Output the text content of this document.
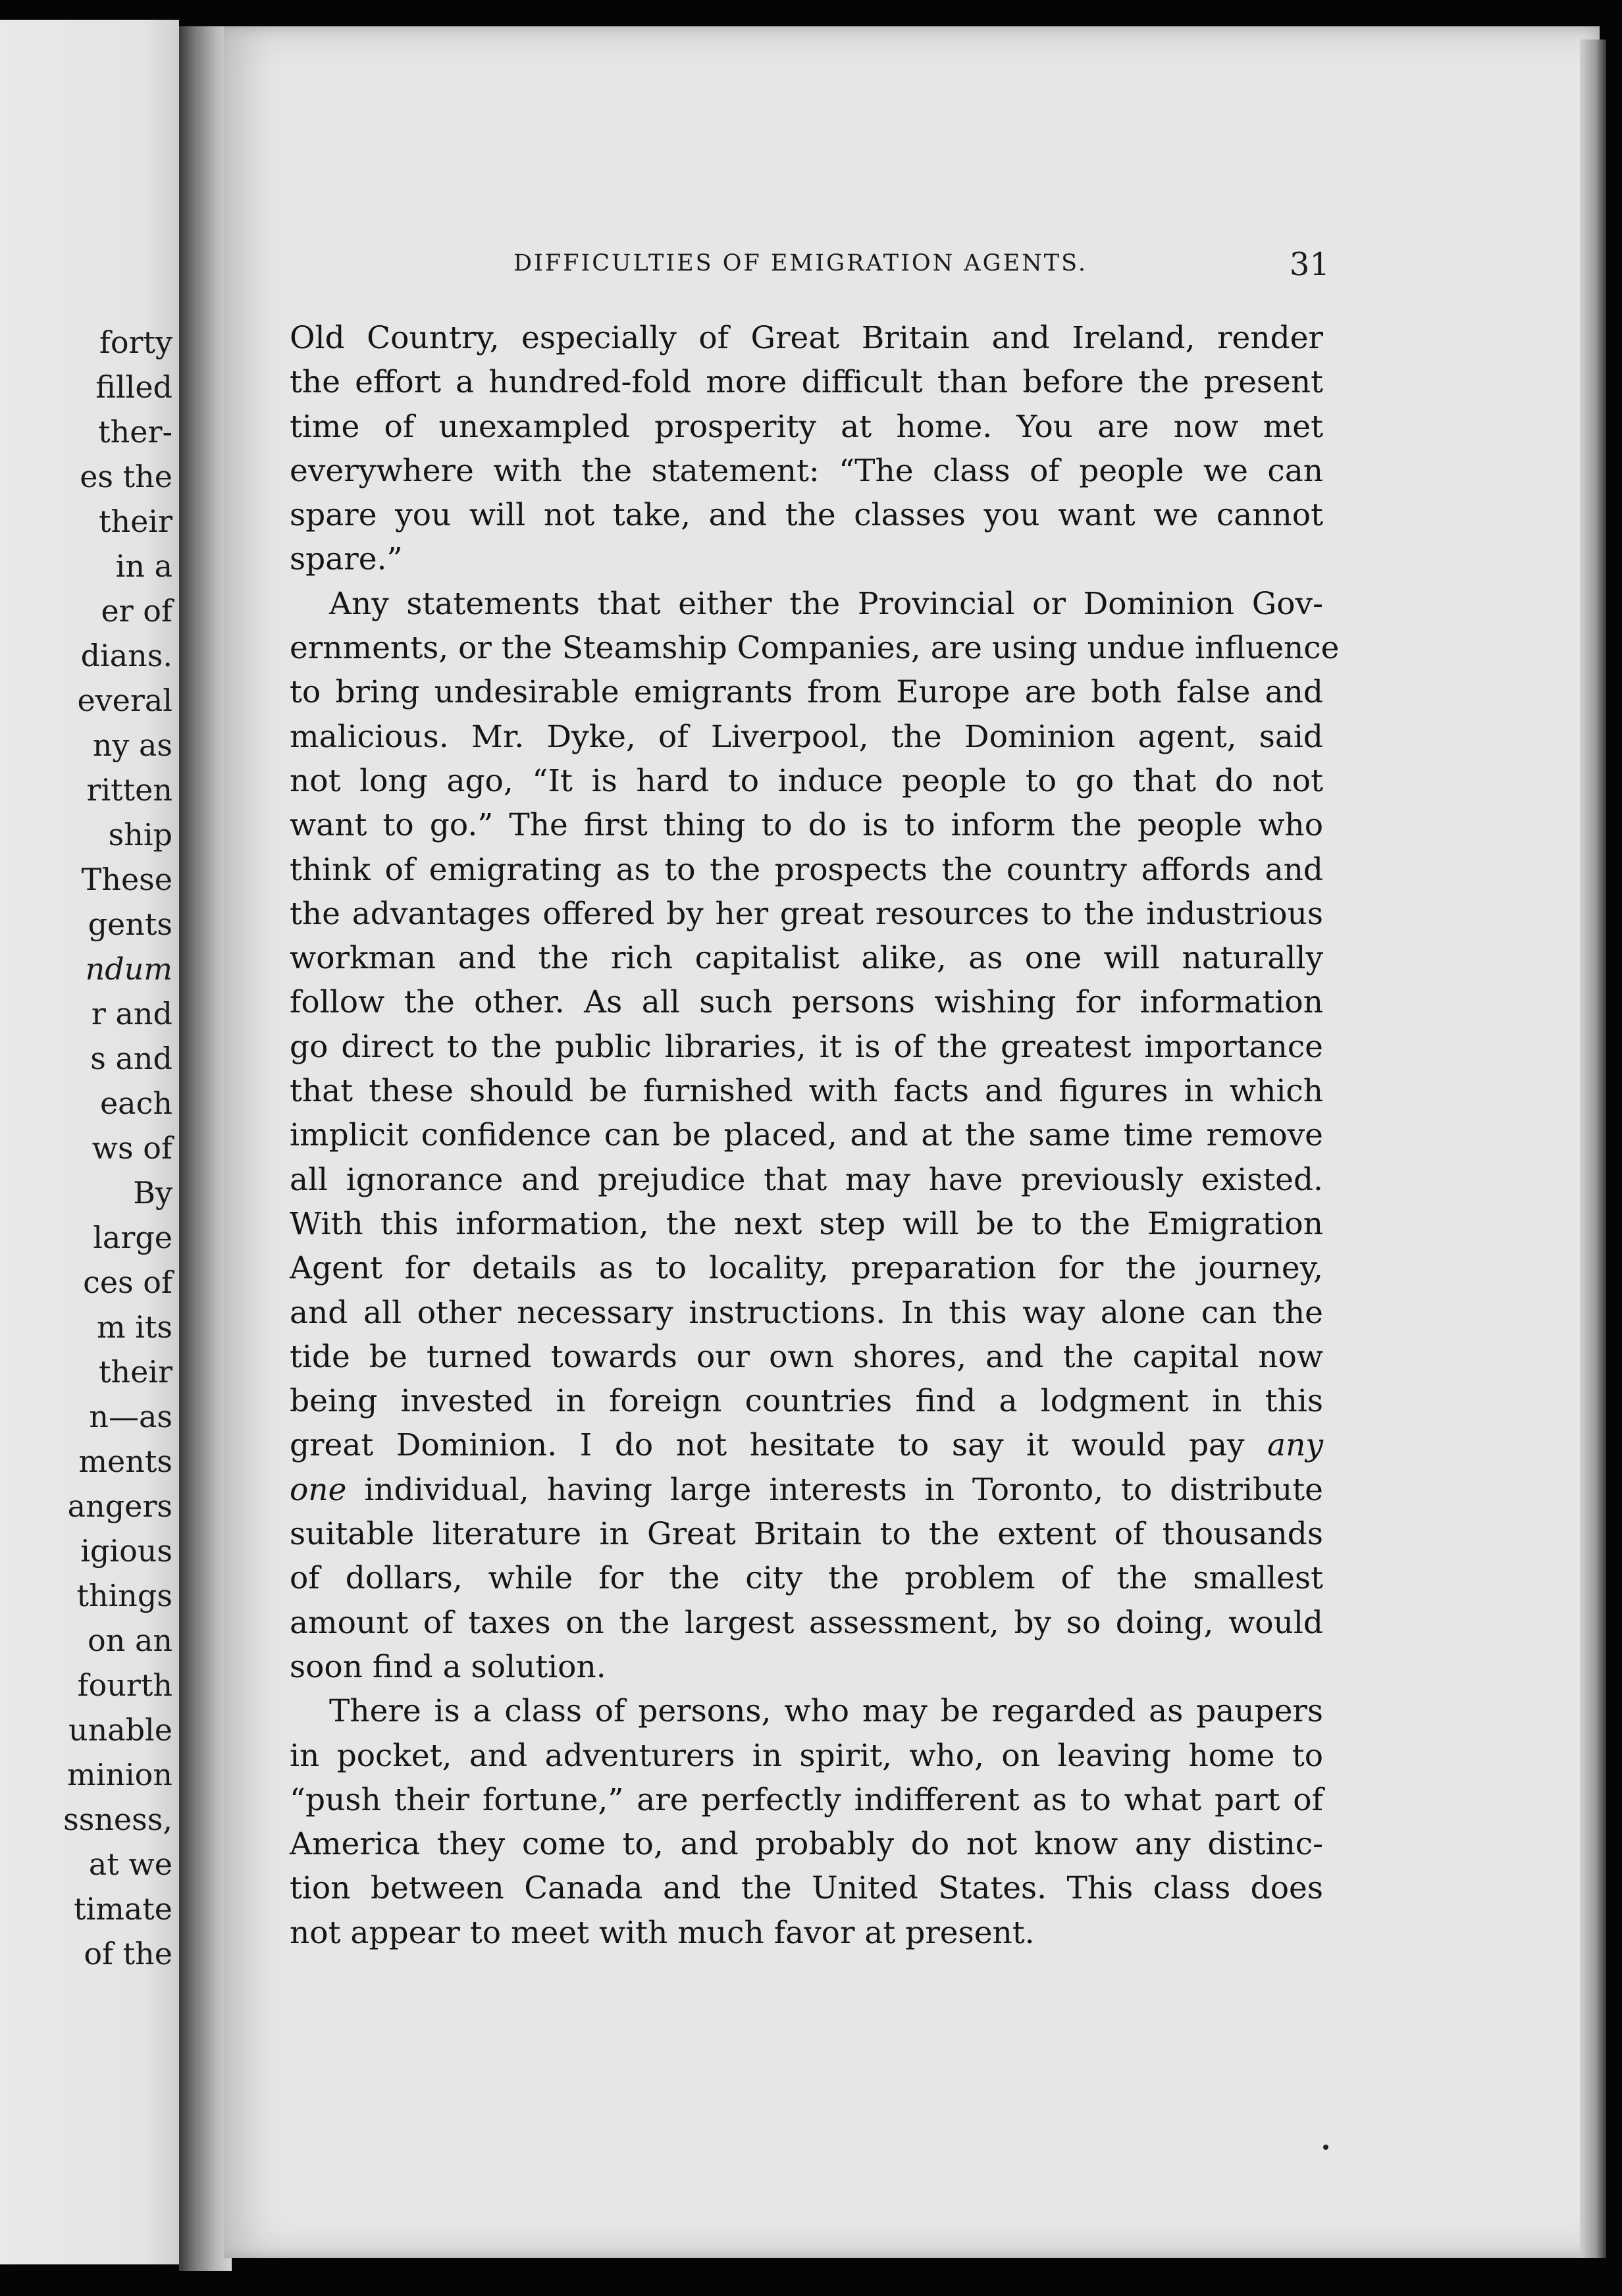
forty
filled
ther-
es the
their
in a
er of
dians.
everal
ny as
ritten
ship
These
gents
ndum
r and
s and
each
ws of
By
large
ces of
m its
their
n—as
ments
angers
igious
things
on an
fourth
unable
minion
ssness,
at we
timate
of the
DIFFICULTIES OF EMIGRATION AGENTS.	31
Old Country, especially of Great Britain and Ireland, render
the effort a hundred-fold more difficult than before the present
time of unexampled prosperity at home. You are now met
everywhere with the statement: “The class of people we can
spare you will not take, and the classes you want we cannot
spare.”
Any statements that either the Provincial or Dominion Gov-
ernments, or the Steamship Companies, are using undue influence
to bring undesirable emigrants from Europe are both false and
malicious. Mr. Dyke, of Liverpool, the Dominion agent, said
not long ago, “It is hard to induce people to go that do not
want to go.” The first thing to do is to inform the people who
think of emigrating as to the prospects the country affords and
the advantages offered by her great resources to the industrious
workman and the rich capitalist alike, as one will naturally
follow the other. As all such persons wishing for information
go direct to the public libraries, it is of the greatest importance
that these should be furnished with facts and figures in which
implicit confidence can be placed, and at the same time remove
all ignorance and prejudice that may have previously existed.
With this information, the next step will be to the Emigration
Agent for details as to locality, preparation for the journey,
and all other necessary instructions. In this way alone can the
tide be turned towards our own shores, and the capital now
being invested in foreign countries find a lodgment in this
great Dominion. I do not hesitate to say it would pay any
one individual, having large interests in Toronto, to distribute
suitable literature in Great Britain to the extent of thousands
of dollars, while for the city the problem of the smallest
amount of taxes on the largest assessment, by so doing, would
soon find a solution.
There is a class of persons, who may be regarded as paupers
in pocket, and adventurers in spirit, who, on leaving home to
“push their fortune,” are perfectly indifferent as to what part of
America they come to, and probably do not know any distinc-
tion between Canada and the United States. This class does
not appear to meet with much favor at present.
